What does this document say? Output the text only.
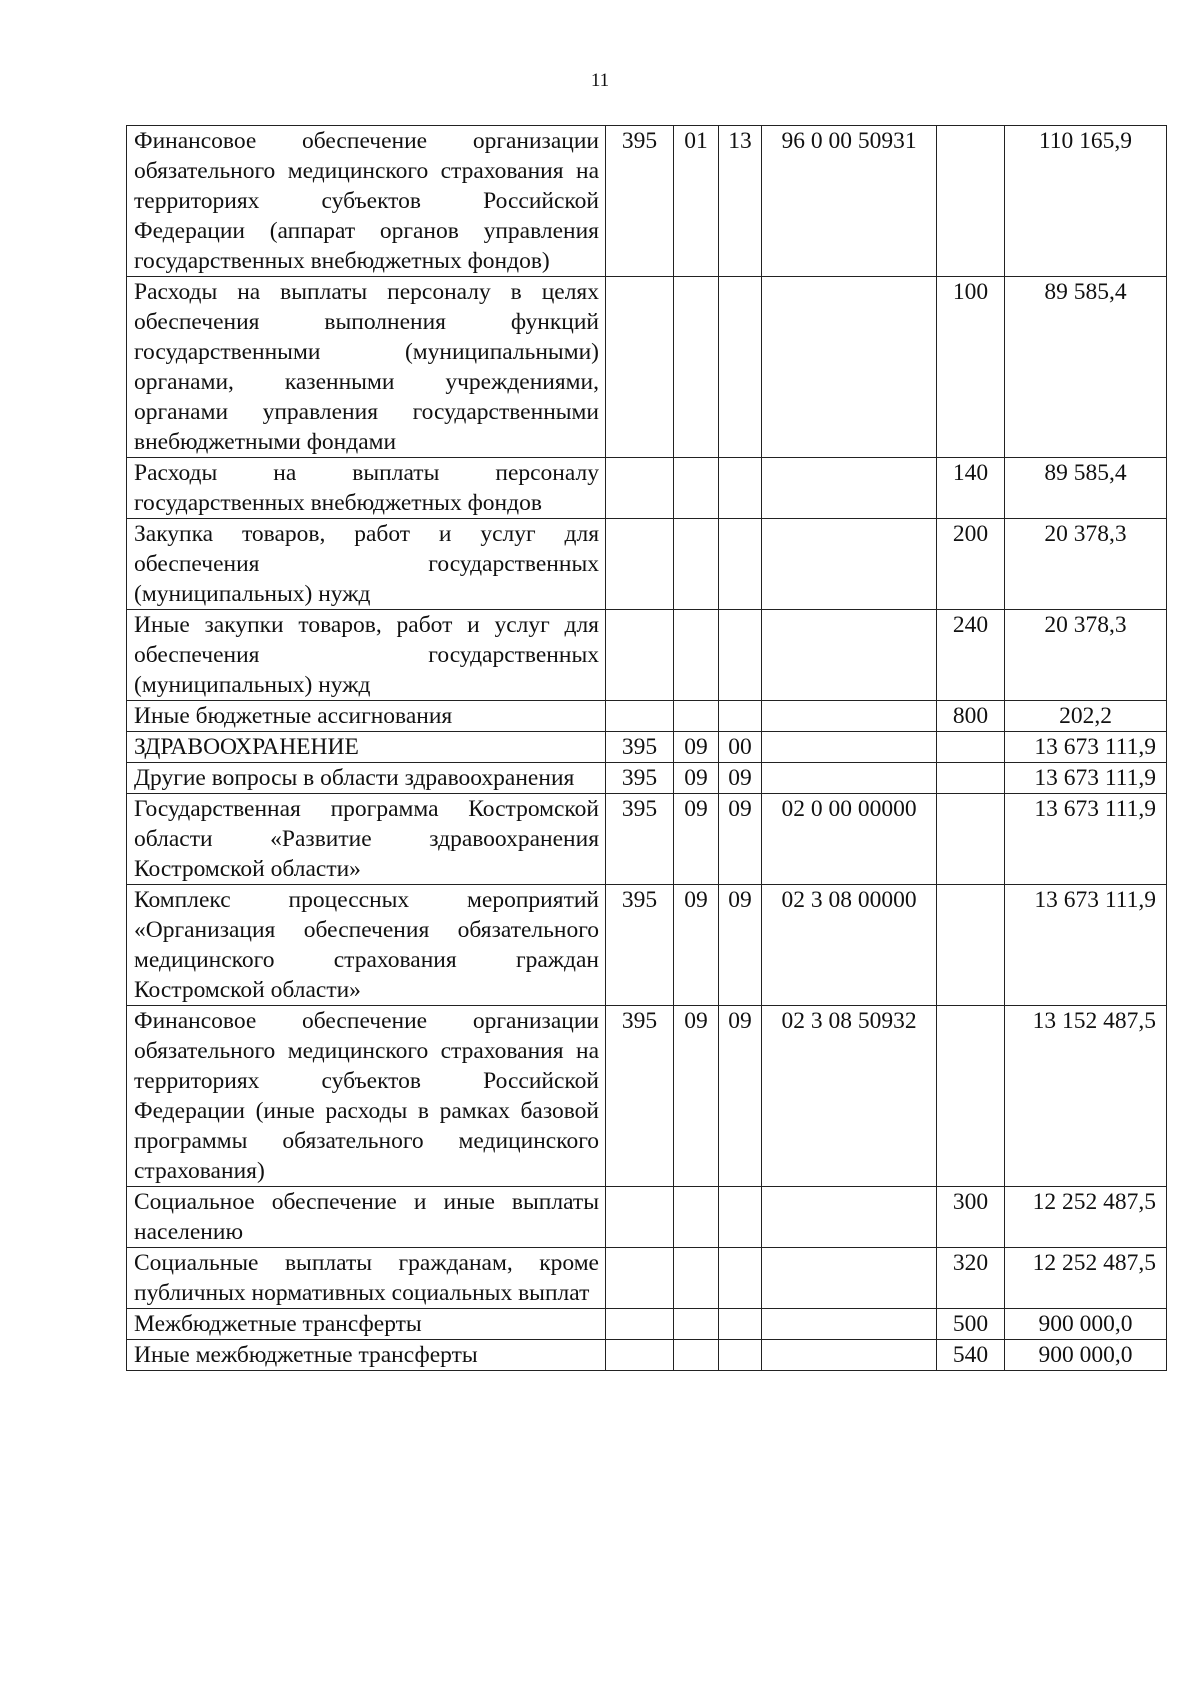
11
Финансовое обеспечение организации обязательного медицинского страхования на территориях субъектов Российской Федерации (аппарат органов управления государственных внебюджетных фондов)	395	01	13	96 0 00 50931		110 165,9
Расходы на выплаты персоналу в целях обеспечения выполнения функций государственными (муниципальными) органами, казенными учреждениями, органами управления государственными внебюджетными фондами					100	89 585,4
Расходы на выплаты персоналу государственных внебюджетных фондов					140	89 585,4
Закупка товаров, работ и услуг для обеспечения государственных (муниципальных) нужд					200	20 378,3
Иные закупки товаров, работ и услуг для обеспечения государственных (муниципальных) нужд					240	20 378,3
Иные бюджетные ассигнования					800	202,2
ЗДРАВООХРАНЕНИЕ	395	09	00			13 673 111,9
Другие вопросы в области здравоохранения	395	09	09			13 673 111,9
Государственная программа Костромской области «Развитие здравоохранения Костромской области»	395	09	09	02 0 00 00000		13 673 111,9
Комплекс процессных мероприятий «Организация обеспечения обязательного медицинского страхования граждан Костромской области»	395	09	09	02 3 08 00000		13 673 111,9
Финансовое обеспечение организации обязательного медицинского страхования на территориях субъектов Российской Федерации (иные расходы в рамках базовой программы обязательного медицинского страхования)	395	09	09	02 3 08 50932		13 152 487,5
Социальное обеспечение и иные выплаты населению					300	12 252 487,5
Социальные выплаты гражданам, кроме публичных нормативных социальных выплат					320	12 252 487,5
Межбюджетные трансферты					500	900 000,0
Иные межбюджетные трансферты					540	900 000,0
